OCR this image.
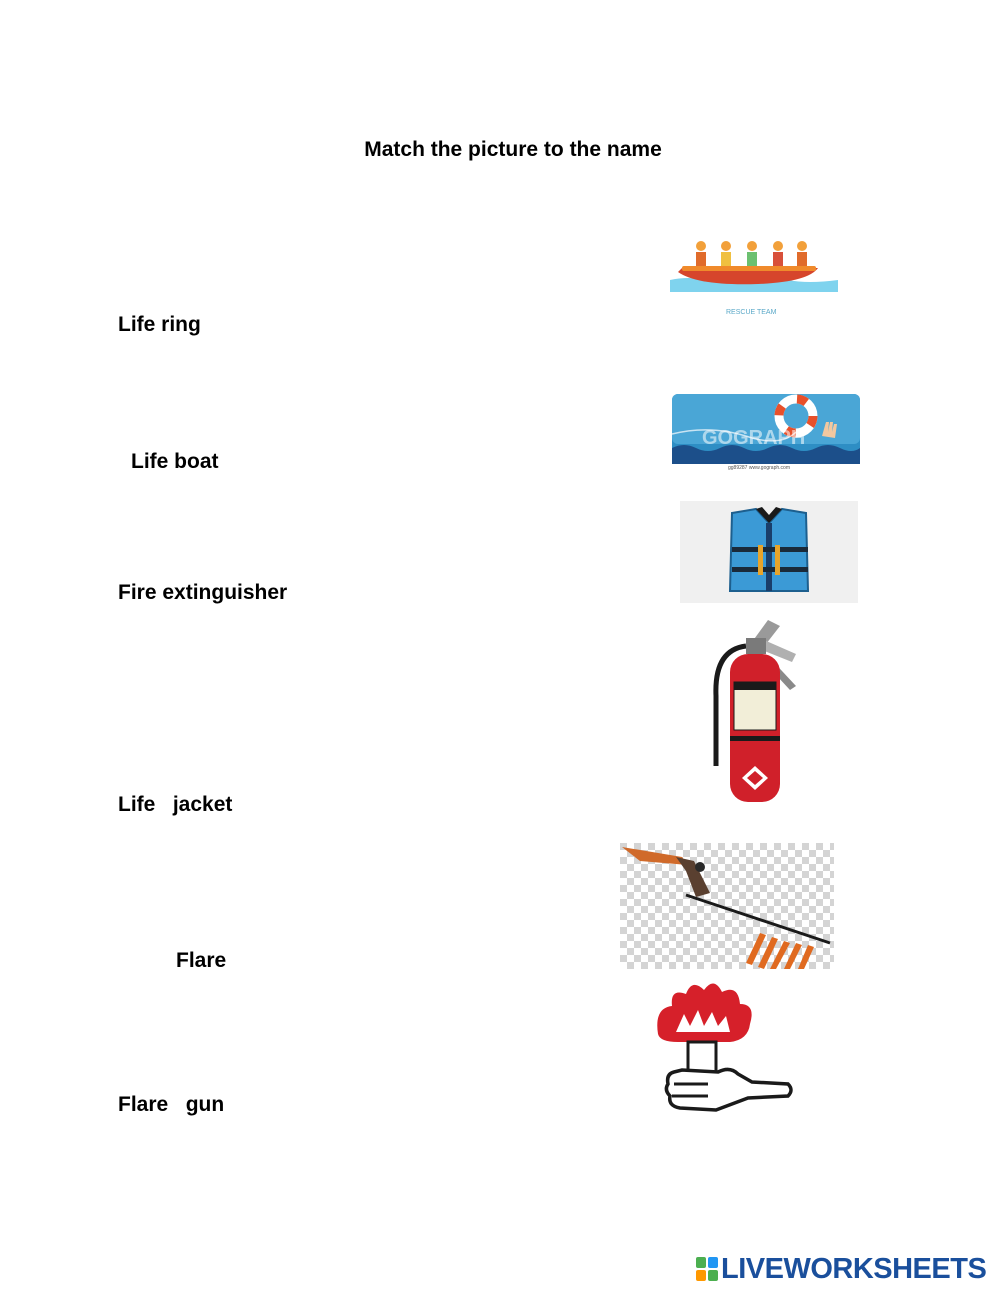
Match the picture to the name
Life ring
Life boat
Fire extinguisher
Life   jacket
Flare
Flare   gun
RESCUE TEAM
GOGRAPH
gg89287 www.gograph.com
LIVEWORKSHEETS
